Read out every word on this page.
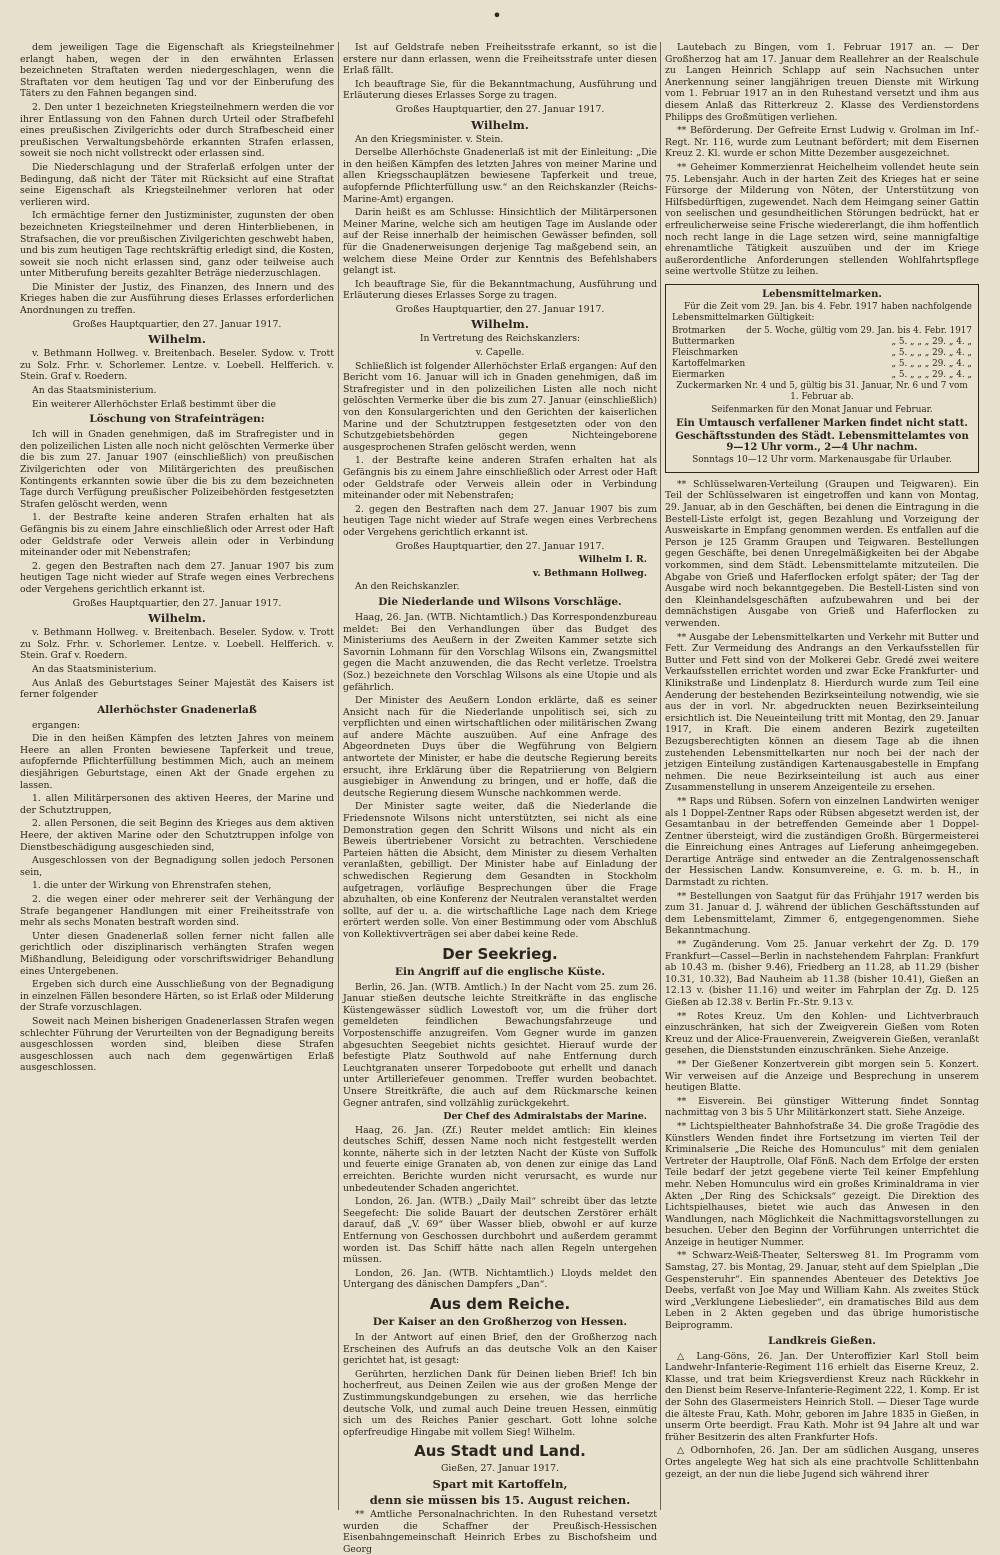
•

dem jeweiligen Tage die Eigenschaft als Kriegsteilnehmer erlangt haben, wegen der in den erwähnten Erlassen bezeichneten Straftaten werden niedergeschlagen, wenn die Straftaten vor dem heutigen Tag und vor der Einberufung des Täters zu den Fahnen begangen sind.

2. Den unter 1 bezeichneten Kriegsteilnehmern werden die vor ihrer Entlassung von den Fahnen durch Urteil oder Strafbefehl eines preußischen Zivilgerichts oder durch Strafbescheid einer preußischen Verwaltungsbehörde erkannten Strafen erlassen, soweit sie noch nicht vollstreckt oder erlassen sind.

Die Niederschlagung und der Straferlaß erfolgen unter der Bedingung, daß nicht der Täter mit Rücksicht auf eine Straftat seine Eigenschaft als Kriegsteilnehmer verloren hat oder verlieren wird.

Ich ermächtige ferner den Justizminister, zugunsten der oben bezeichneten Kriegsteilnehmer und deren Hinterbliebenen, in Strafsachen, die vor preußischen Zivilgerichten geschwebt haben, und bis zum heutigen Tage rechtskräftig erledigt sind, die Kosten, soweit sie noch nicht erlassen sind, ganz oder teilweise auch unter Mitberufung bereits gezahlter Beträge niederzuschlagen.

Die Minister der Justiz, des Finanzen, des Innern und des Krieges haben die zur Ausführung dieses Erlasses erforderlichen Anordnungen zu treffen.

Großes Hauptquartier, den 27. Januar 1917.

Wilhelm.

v. Bethmann Hollweg. v. Breitenbach. Beseler. Sydow. v. Trott zu Solz. Frhr. v. Schorlemer. Lentze. v. Loebell. Helfferich. v. Stein. Graf v. Roedern.

An das Staatsministerium.

Ein weiterer Allerhöchster Erlaß bestimmt über die

Löschung von Strafeinträgen:

Ich will in Gnaden genehmigen, daß im Strafregister und in den polizeilichen Listen alle noch nicht gelöschten Vermerke über die bis zum 27. Januar 1907 (einschließlich) von preußischen Zivilgerichten oder von Militärgerichten des preußischen Kontingents erkannten sowie über die bis zu dem bezeichneten Tage durch Verfügung preußischer Polizeibehörden festgesetzten Strafen gelöscht werden, wenn

1. der Bestrafte keine anderen Strafen erhalten hat als Gefängnis bis zu einem Jahre einschließlich oder Arrest oder Haft oder Geldstrafe oder Verweis allein oder in Verbindung miteinander oder mit Nebenstrafen;

2. gegen den Bestraften nach dem 27. Januar 1907 bis zum heutigen Tage nicht wieder auf Strafe wegen eines Verbrechens oder Vergehens gerichtlich erkannt ist.

Großes Hauptquartier, den 27. Januar 1917.

Wilhelm.

v. Bethmann Hollweg. v. Breitenbach. Beseler. Sydow. v. Trott zu Solz. Frhr. v. Schorlemer. Lentze. v. Loebell. Helfferich. v. Stein. Graf v. Roedern.

An das Staatsministerium.

Aus Anlaß des Geburtstages Seiner Majestät des Kaisers ist ferner folgender

Allerhöchster Gnadenerlaß

ergangen:

Die in den heißen Kämpfen des letzten Jahres von meinem Heere an allen Fronten bewiesene Tapferkeit und treue, aufopfernde Pflichterfüllung bestimmen Mich, auch an meinem diesjährigen Geburtstage, einen Akt der Gnade ergehen zu lassen.

1. allen Militärpersonen des aktiven Heeres, der Marine und der Schutztruppen,

2. allen Personen, die seit Beginn des Krieges aus dem aktiven Heere, der aktiven Marine oder den Schutztruppen infolge von Dienstbeschädigung ausgeschieden sind,

Ausgeschlossen von der Begnadigung sollen jedoch Personen sein,

1. die unter der Wirkung von Ehrenstrafen stehen,

2. die wegen einer oder mehrerer seit der Verhängung der Strafe begangener Handlungen mit einer Freiheitsstrafe von mehr als sechs Monaten bestraft worden sind.

Unter diesen Gnadenerlaß sollen ferner nicht fallen alle gerichtlich oder disziplinarisch verhängten Strafen wegen Mißhandlung, Beleidigung oder vorschriftswidriger Behandlung eines Untergebenen.

Ergeben sich durch eine Ausschließung von der Begnadigung in einzelnen Fällen besondere Härten, so ist Erlaß oder Milderung der Strafe vorzuschlagen.

Soweit nach Meinen bisherigen Gnadenerlassen Strafen wegen schlechter Führung der Verurteilten von der Begnadigung bereits ausgeschlossen worden sind, bleiben diese Strafen ausgeschlossen auch nach dem gegenwärtigen Erlaß ausgeschlossen.

Ist auf Geldstrafe neben Freiheitsstrafe erkannt, so ist die erstere nur dann erlassen, wenn die Freiheitsstrafe unter diesen Erlaß fällt.

Ich beauftrage Sie, für die Bekanntmachung, Ausführung und Erläuterung dieses Erlasses Sorge zu tragen.

Großes Hauptquartier, den 27. Januar 1917.

Wilhelm.

An den Kriegsminister. v. Stein.

Derselbe Allerhöchste Gnadenerlaß ist mit der Einleitung: „Die in den heißen Kämpfen des letzten Jahres von meiner Marine und allen Kriegsschauplätzen bewiesene Tapferkeit und treue, aufopfernde Pflichterfüllung usw.“ an den Reichskanzler (Reichs-Marine-Amt) ergangen.

Darin heißt es am Schlusse: Hinsichtlich der Militärpersonen Meiner Marine, welche sich am heutigen Tage im Auslande oder auf der Reise innerhalb der heimischen Gewässer befinden, soll für die Gnadenerweisungen derjenige Tag maßgebend sein, an welchem diese Meine Order zur Kenntnis des Befehlshabers gelangt ist.

Ich beauftrage Sie, für die Bekanntmachung, Ausführung und Erläuterung dieses Erlasses Sorge zu tragen.

Großes Hauptquartier, den 27. Januar 1917.

Wilhelm.

In Vertretung des Reichskanzlers:

v. Capelle.

Schließlich ist folgender Allerhöchster Erlaß ergangen: Auf den Bericht vom 16. Januar will ich in Gnaden genehmigen, daß im Strafregister und in den polizeilichen Listen alle noch nicht gelöschten Vermerke über die bis zum 27. Januar (einschließlich) von den Konsulargerichten und den Gerichten der kaiserlichen Marine und der Schutztruppen festgesetzten oder von den Schutzgebietsbehörden gegen Nichteingeborene ausgesprochenen Strafen gelöscht werden, wenn

1. der Bestrafte keine anderen Strafen erhalten hat als Gefängnis bis zu einem Jahre einschließlich oder Arrest oder Haft oder Geldstrafe oder Verweis allein oder in Verbindung miteinander oder mit Nebenstrafen;

2. gegen den Bestraften nach dem 27. Januar 1907 bis zum heutigen Tage nicht wieder auf Strafe wegen eines Verbrechens oder Vergehens gerichtlich erkannt ist.

Großes Hauptquartier, den 27. Januar 1917.

Wilhelm I. R.

v. Bethmann Hollweg.

An den Reichskanzler.

Die Niederlande und Wilsons Vorschläge.

Haag, 26. Jan. (WTB. Nichtamtlich.) Das Korrespondenzbureau meldet: Bei den Verhandlungen über das Budget des Ministeriums des Aeußern in der Zweiten Kammer setzte sich Savornin Lohmann für den Vorschlag Wilsons ein, Zwangsmittel gegen die Macht anzuwenden, die das Recht verletze. Troelstra (Soz.) bezeichnete den Vorschlag Wilsons als eine Utopie und als gefährlich.

Der Minister des Aeußern London erklärte, daß es seiner Ansicht nach für die Niederlande unpolitisch sei, sich zu verpflichten und einen wirtschaftlichen oder militärischen Zwang auf andere Mächte auszuüben. Auf eine Anfrage des Abgeordneten Duys über die Wegführung von Belgiern antwortete der Minister, er habe die deutsche Regierung bereits ersucht, ihre Erklärung über die Repatriierung von Belgiern ausgiebiger in Anwendung zu bringen, und er hoffe, daß die deutsche Regierung diesem Wunsche nachkommen werde.

Der Minister sagte weiter, daß die Niederlande die Friedensnote Wilsons nicht unterstützten, sei nicht als eine Demonstration gegen den Schritt Wilsons und nicht als ein Beweis übertriebener Vorsicht zu betrachten. Verschiedene Parteien hätten die Absicht, dem Minister zu diesem Verhalten veranlaßten, gebilligt. Der Minister habe auf Einladung der schwedischen Regierung dem Gesandten in Stockholm aufgetragen, vorläufige Besprechungen über die Frage abzuhalten, ob eine Konferenz der Neutralen veranstaltet werden sollte, auf der u. a. die wirtschaftliche Lage nach dem Kriege erörtert werden solle. Von einer Bestimmung oder vom Abschluß von Kollektivverträgen sei aber dabei keine Rede.

Der Seekrieg.

Ein Angriff auf die englische Küste.

Berlin, 26. Jan. (WTB. Amtlich.) In der Nacht vom 25. zum 26. Januar stießen deutsche leichte Streitkräfte in das englische Küstengewässer südlich Lowestoft vor, um die früher dort gemeldeten feindlichen Bewachungsfahrzeuge und Vorpostenschiffe anzugreifen. Vom Gegner wurde im ganzen abgesuchten Seegebiet nichts gesichtet. Hierauf wurde der befestigte Platz Southwold auf nahe Entfernung durch Leuchtgranaten unserer Torpedoboote gut erhellt und danach unter Artilleriefeuer genommen. Treffer wurden beobachtet. Unsere Streitkräfte, die auch auf dem Rückmarsche keinen Gegner antrafen, sind vollzählig zurückgekehrt.

Der Chef des Admiralstabs der Marine.

Haag, 26. Jan. (Zf.) Reuter meldet amtlich: Ein kleines deutsches Schiff, dessen Name noch nicht festgestellt werden konnte, näherte sich in der letzten Nacht der Küste von Suffolk und feuerte einige Granaten ab, von denen zur einige das Land erreichten. Berichte wurden nicht verursacht, es wurde nur unbedeutender Schaden angerichtet.

London, 26. Jan. (WTB.) „Daily Mail“ schreibt über das letzte Seegefecht: Die solide Bauart der deutschen Zerstörer erhält darauf, daß „V. 69“ über Wasser blieb, obwohl er auf kurze Entfernung von Geschossen durchbohrt und außerdem gerammt worden ist. Das Schiff hätte nach allen Regeln untergehen müssen.

London, 26. Jan. (WTB. Nichtamtlich.) Lloyds meldet den Untergang des dänischen Dampfers „Dan“.

Aus dem Reiche.

Der Kaiser an den Großherzog von Hessen.

In der Antwort auf einen Brief, den der Großherzog nach Erscheinen des Aufrufs an das deutsche Volk an den Kaiser gerichtet hat, ist gesagt:

Gerührten, herzlichen Dank für Deinen lieben Brief! Ich bin hocherfreut, aus Deinen Zeilen wie aus der großen Menge der Zustimmungskundgebungen zu ersehen, wie das herrliche deutsche Volk, und zumal auch Deine treuen Hessen, einmütig sich um des Reiches Panier geschart. Gott lohne solche opferfreudige Hingabe mit vollem Sieg! Wilhelm.

Aus Stadt und Land.

Gießen, 27. Januar 1917.

Spart mit Kartoffeln,

denn sie müssen bis 15. August reichen.

** Amtliche Personalnachrichten. In den Ruhestand versetzt wurden die Schaffner der Preußisch-Hessischen Eisenbahngemeinschaft Heinrich Erbes zu Bischofsheim und Georg

Lautebach zu Bingen, vom 1. Februar 1917 an. — Der Großherzog hat am 17. Januar dem Reallehrer an der Realschule zu Langen Heinrich Schlapp auf sein Nachsuchen unter Anerkennung seiner langjährigen treuen Dienste mit Wirkung vom 1. Februar 1917 an in den Ruhestand versetzt und ihm aus diesem Anlaß das Ritterkreuz 2. Klasse des Verdienstordens Philipps des Großmütigen verliehen.

** Beförderung. Der Gefreite Ernst Ludwig v. Grolman im Inf.-Regt. Nr. 116, wurde zum Leutnant befördert; mit dem Eisernen Kreuz 2. Kl. wurde er schon Mitte Dezember ausgezeichnet.

** Geheimer Kommerzienrat Heichelheim vollendet heute sein 75. Lebensjahr. Auch in der harten Zeit des Krieges hat er seine Fürsorge der Milderung von Nöten, der Unterstützung von Hilfsbedürftigen, zugewendet. Nach dem Heimgang seiner Gattin von seelischen und gesundheitlichen Störungen bedrückt, hat er erfreulicherweise seine Frische wiedererlangt, die ihm hoffentlich noch recht lange in die Lage setzen wird, seine mannigfaltige ehrenamtliche Tätigkeit auszuüben und der im Kriege außerordentliche Anforderungen stellenden Wohlfahrtspflege seine wertvolle Stütze zu leihen.

Lebensmittelmarken.

Für die Zeit vom 29. Jan. bis 4. Febr. 1917 haben nachfolgende Lebensmittelmarken Gültigkeit:

Brotmarken der 5. Woche, gültig vom 29. Jan. bis 4. Febr. 1917
Buttermarken	„ 5. „ „ „ 29. „ 4. „
Fleischmarken	„ 5. „ „ „ 29. „ 4. „
Kartoffelmarken	„ 5. „ „ „ 29. „ 4. „
Eiermarken	„ 5. „ „ „ 29. „ 4. „

Zuckermarken Nr. 4 und 5, gültig bis 31. Januar, Nr. 6 und 7 vom 1. Februar ab.

Seifenmarken für den Monat Januar und Februar.

Ein Umtausch verfallener Marken findet nicht statt.

Geschäftsstunden des Städt. Lebensmittelamtes von 9—12 Uhr vorm., 2—4 Uhr nachm.

Sonntags 10—12 Uhr vorm. Markenausgabe für Urlauber.

** Schlüsselwaren-Verteilung (Graupen und Teigwaren). Ein Teil der Schlüsselwaren ist eingetroffen und kann von Montag, 29. Januar, ab in den Geschäften, bei denen die Eintragung in die Bestell-Liste erfolgt ist, gegen Bezahlung und Vorzeigung der Ausweiskarte in Empfang genommen werden. Es entfallen auf die Person je 125 Gramm Graupen und Teigwaren. Bestellungen gegen Geschäfte, bei denen Unregelmäßigkeiten bei der Abgabe vorkommen, sind dem Städt. Lebensmittelamte mitzuteilen. Die Abgabe von Grieß und Haferflocken erfolgt später; der Tag der Ausgabe wird noch bekanntgegeben. Die Bestell-Listen sind von den Kleinhandelsgeschäften aufzubewahren und bei der demnächstigen Ausgabe von Grieß und Haferflocken zu verwenden.

** Ausgabe der Lebensmittelkarten und Verkehr mit Butter und Fett. Zur Vermeidung des Andrangs an den Verkaufsstellen für Butter und Fett sind von der Molkerei Gebr. Gredé zwei weitere Verkaufsstellen errichtet worden und zwar Ecke Frankfurter- und Klinikstraße und Lindenplatz 8. Hierdurch wurde zum Teil eine Aenderung der bestehenden Bezirkseinteilung notwendig, wie sie aus der in vorl. Nr. abgedruckten neuen Bezirkseinteilung ersichtlich ist. Die Neueinteilung tritt mit Montag, den 29. Januar 1917, in Kraft. Die einem anderen Bezirk zugeteilten Bezugsberechtigten können an diesem Tage ab die ihnen zustehenden Lebensmittelkarten nur noch bei der nach der jetzigen Einteilung zuständigen Kartenausgabestelle in Empfang nehmen. Die neue Bezirkseinteilung ist auch aus einer Zusammenstellung in unserem Anzeigenteile zu ersehen.

** Raps und Rübsen. Sofern von einzelnen Landwirten weniger als 1 Doppel-Zentner Raps oder Rübsen abgesetzt werden ist, der Gesamtanbau in der betreffenden Gemeinde aber 1 Doppel-Zentner übersteigt, wird die zuständigen Großh. Bürgermeisterei die Einreichung eines Antrages auf Lieferung anheimgegeben. Derartige Anträge sind entweder an die Zentralgenossenschaft der Hessischen Landw. Konsumvereine, e. G. m. b. H., in Darmstadt zu richten.

** Bestellungen von Saatgut für das Frühjahr 1917 werden bis zum 31. Januar d. J. während der üblichen Geschäftsstunden auf dem Lebensmittelamt, Zimmer 6, entgegengenommen. Siehe Bekanntmachung.

** Zugänderung. Vom 25. Januar verkehrt der Zg. D. 179 Frankfurt—Cassel—Berlin in nachstehendem Fahrplan: Frankfurt ab 10.43 m. (bisher 9.46), Friedberg an 11.28, ab 11.29 (bisher 10.31, 10.32), Bad Nauheim ab 11.38 (bisher 10.41), Gießen an 12.13 v. (bisher 11.16) und weiter im Fahrplan der Zg. D. 125 Gießen ab 12.38 v. Berlin Fr.-Str. 9.13 v.

** Rotes Kreuz. Um den Kohlen- und Lichtverbrauch einzuschränken, hat sich der Zweigverein Gießen vom Roten Kreuz und der Alice-Frauenverein, Zweigverein Gießen, veranlaßt gesehen, die Dienststunden einzuschränken. Siehe Anzeige.

** Der Gießener Konzertverein gibt morgen sein 5. Konzert. Wir verweisen auf die Anzeige und Besprechung in unserem heutigen Blatte.

** Eisverein. Bei günstiger Witterung findet Sonntag nachmittag von 3 bis 5 Uhr Militärkonzert statt. Siehe Anzeige.

** Lichtspieltheater Bahnhofstraße 34. Die große Tragödie des Künstlers Wenden findet ihre Fortsetzung im vierten Teil der Kriminalserie „Die Reiche des Homunculus“ mit dem genialen Vertreter der Hauptrolle, Olaf Fönß. Nach dem Erfolge der ersten Teile bedarf der jetzt gegebene vierte Teil keiner Empfehlung mehr. Neben Homunculus wird ein großes Kriminaldrama in vier Akten „Der Ring des Schicksals“ gezeigt. Die Direktion des Lichtspielhauses, bietet wie auch das Anwesen in den Wandlungen, nach Möglichkeit die Nachmittagsvorstellungen zu besuchen. Ueber den Beginn der Vorführungen unterrichtet die Anzeige in heutiger Nummer.

** Schwarz-Weiß-Theater, Seltersweg 81. Im Programm vom Samstag, 27. bis Montag, 29. Januar, steht auf dem Spielplan „Die Gespensteruhr“. Ein spannendes Abenteuer des Detektivs Joe Deebs, verfaßt von Joe May und William Kahn. Als zweites Stück wird „Verklungene Liebeslieder“, ein dramatisches Bild aus dem Leben in 2 Akten gegeben und das übrige humoristische Beiprogramm.

Landkreis Gießen.

△ Lang-Göns, 26. Jan. Der Unteroffizier Karl Stoll beim Landwehr-Infanterie-Regiment 116 erhielt das Eiserne Kreuz, 2. Klasse, und trat beim Kriegsverdienst Kreuz nach Rückkehr in den Dienst beim Reserve-Infanterie-Regiment 222, 1. Komp. Er ist der Sohn des Glasermeisters Heinrich Stoll. — Dieser Tage wurde die älteste Frau, Kath. Mohr, geboren im Jahre 1835 in Gießen, in unserm Orte beerdigt. Frau Kath. Mohr ist 94 Jahre alt und war früher Besitzerin des alten Frankfurter Hofs.

△ Odbornhofen, 26. Jan. Der am südlichen Ausgang, unseres Ortes angelegte Weg hat sich als eine prachtvolle Schlittenbahn gezeigt, an der nun die liebe Jugend sich während ihrer
